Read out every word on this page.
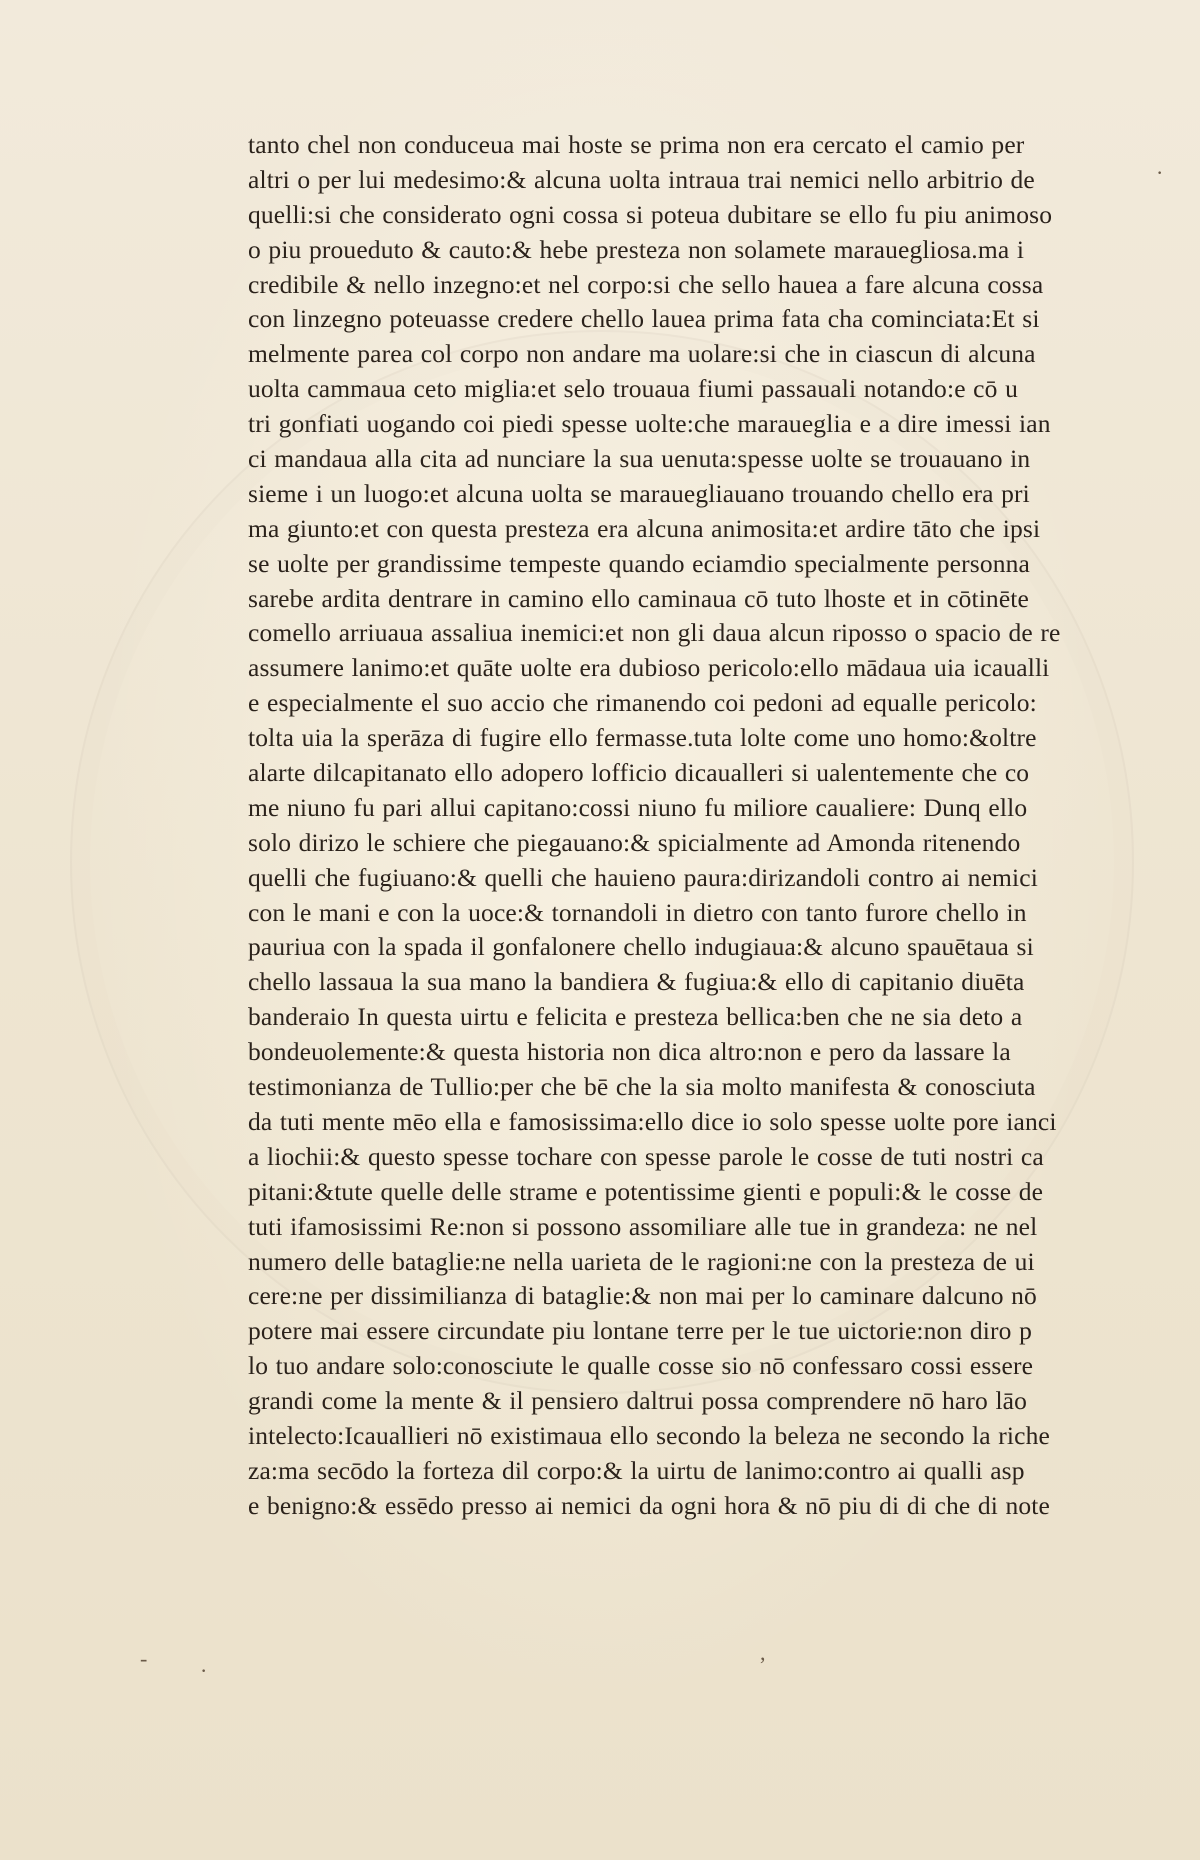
tanto chel non conduceua mai hoste se prima non era cercato el camio per
altri o per lui medesimo:& alcuna uolta intraua trai nemici nello arbitrio de
quelli:si che considerato ogni cossa si poteua dubitare se ello fu piu animoso
o piu proueduto & cauto:& hebe presteza non solamete marauegliosa.ma i
credibile & nello inzegno:et nel corpo:si che sello hauea a fare alcuna cossa
con linzegno poteuasse credere chello lauea prima fata cha cominciata:Et si
melmente parea col corpo non andare ma uolare:si che in ciascun di alcuna
uolta cammaua ceto miglia:et selo trouaua fiumi passauali notando:e cō u
tri gonfiati uogando coi piedi spesse uolte:che marauegliа e a dire imessi ian
ci mandaua alla cita ad nunciare la sua uenuta:spesse uolte se trouauano in
sieme i un luogo:et alcuna uolta se marauegliauano trouando chello era pri
ma giunto:et con questa presteza era alcuna animosita:et ardire tāto che ipsi
se uolte per grandissime tempeste quando eciamdio specialmente personna
sarebe ardita dentrare in camino ello caminaua cō tuto lhoste et in cōtinēte
comello arriuaua assaliua inemici:et non gli daua alcun riposso o spacio de re
assumere lanimo:et quāte uolte era dubioso pericolo:ello mādaua uia icaualli
e especialmente el suo accio che rimanendo coi pedoni ad equalle pericolo:
tolta uia la sperāza di fugire ello fermasse.tuta lolte come uno homo:&oltre
alarte dilcapitanato ello adopero lofficio dicaualleri si ualentemente che co
me niuno fu pari allui capitano:cossi niuno fu miliore caualiere: Dunq ello
solo dirizo le schiere che piegauano:& spicialmente ad Amonda ritenendo
quelli che fugiuano:& quelli che hauieno paura:dirizandoli contro ai nemici
con le mani e con la uoce:& tornandoli in dietro con tanto furore chello in
pauriua con la spada il gonfalonere chello indugiaua:& alcuno spauētaua si
chello lassaua la sua mano la bandiera & fugiua:& ello di capitanio diuēta
banderaio In questa uirtu e felicita e presteza bellica:ben che ne sia deto a
bondeuolemente:& questa historia non dica altro:non e pero da lassare la
testimonianza de Tullio:per che bē che la sia molto manifesta & conosciuta
da tuti mente mēo ella e famosissima:ello dice io solo spesse uolte pore ianci
a liochii:& questo spesse tochare con spesse parole le cosse de tuti nostri ca
pitani:&tute quelle delle strame e potentissime gienti e populi:& le cosse de
tuti ifamosissimi Re:non si possono assomiliare alle tue in grandeza: ne nel
numero delle bataglie:ne nella uarieta de le ragioni:ne con la presteza de ui
cere:ne per dissimilianza di bataglie:& non mai per lo caminare dalcuno nō
potere mai essere circundate piu lontane terre per le tue uictorie:non diro p
lo tuo andare solo:conosciute le qualle cosse sio nō confessaro cossi essere
grandi come la mente & il pensiero daltrui possa comprendere nō haro lāo
intelecto:Icauallieri nō existimaua ello secondo la beleza ne secondo la riche
za:ma secōdo la forteza dil corpo:& la uirtu de lanimo:contro ai qualli asp
e benigno:& essēdo presso ai nemici da ogni hora & nō piu di di che di note
·
,
- ·
